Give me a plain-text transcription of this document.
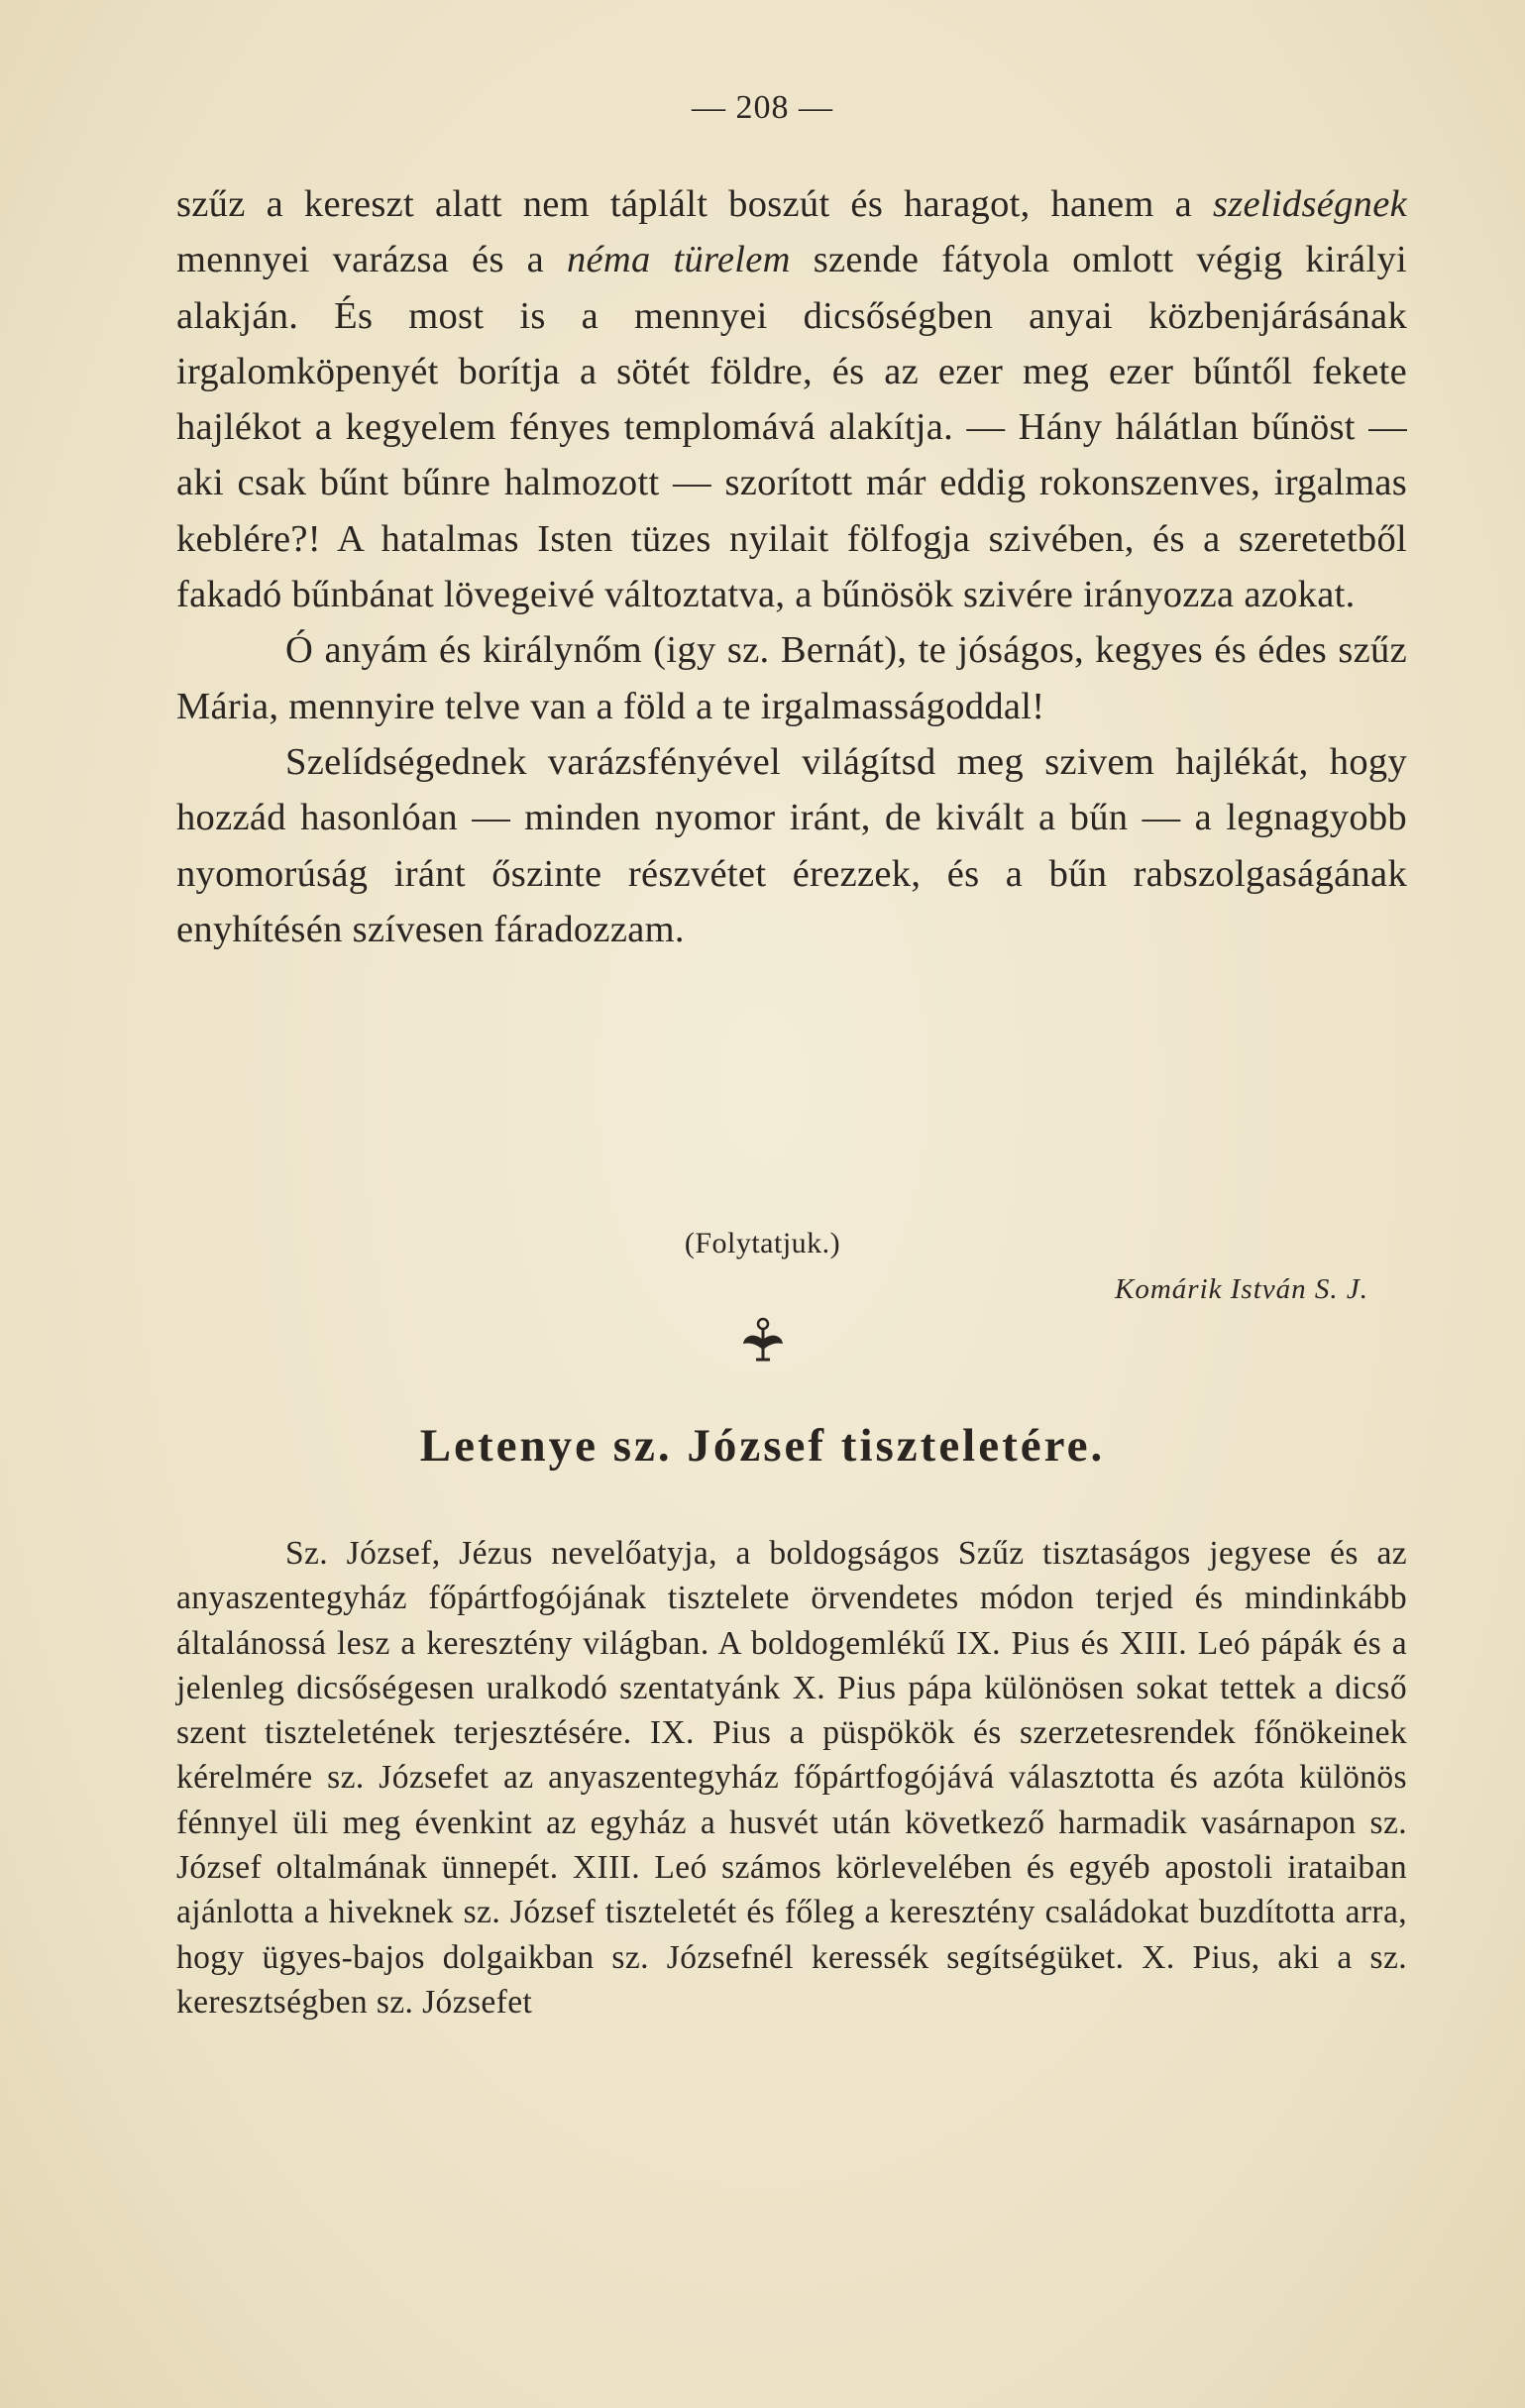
— 208 —

szűz a kereszt alatt nem táplált boszút és haragot, hanem a szelidségnek mennyei varázsa és a néma türelem szende fátyola omlott végig királyi alakján. És most is a mennyei dicsőségben anyai közbenjárásának irgalomköpenyét borítja a sötét földre, és az ezer meg ezer bűntől fekete hajlékot a kegyelem fényes templomává alakítja. — Hány hálátlan bűnöst — aki csak bűnt bűnre halmozott — szorított már eddig rokonszenves, irgalmas keblére?! A hatalmas Isten tüzes nyilait fölfogja szivében, és a szeretetből fakadó bűnbánat lövegeivé változtatva, a bűnösök szivére irányozza azokat.

Ó anyám és királynőm (igy sz. Bernát), te jóságos, kegyes és édes szűz Mária, mennyire telve van a föld a te irgalmasságoddal!

Szelídségednek varázsfényével világítsd meg szivem hajlékát, hogy hozzád hasonlóan — minden nyomor iránt, de kivált a bűn — a legnagyobb nyomorúság iránt őszinte részvétet érezzek, és a bűn rabszolgaságának enyhítésén szívesen fáradozzam.

(Folytatjuk.)
Komárik István S. J.
Letenye sz. József tiszteletére.

Sz. József, Jézus nevelőatyja, a boldogságos Szűz tisztaságos jegyese és az anyaszentegyház főpártfogójának tisztelete örvendetes módon terjed és mindinkább általánossá lesz a keresztény világban. A boldogemlékű IX. Pius és XIII. Leó pápák és a jelenleg dicsőségesen uralkodó szentatyánk X. Pius pápa különösen sokat tettek a dicső szent tiszteletének terjesztésére. IX. Pius a püspökök és szerzetesrendek főnökeinek kérelmére sz. Józsefet az anyaszentegyház főpártfogójává választotta és azóta különös fénnyel üli meg évenkint az egyház a husvét után következő harmadik vasárnapon sz. József oltalmának ünnepét. XIII. Leó számos körlevelében és egyéb apostoli irataiban ajánlotta a hiveknek sz. József tiszteletét és főleg a keresztény családokat buzdította arra, hogy ügyes-bajos dolgaikban sz. Józsefnél keressék segítségüket. X. Pius, aki a sz. keresztségben sz. Józsefet
